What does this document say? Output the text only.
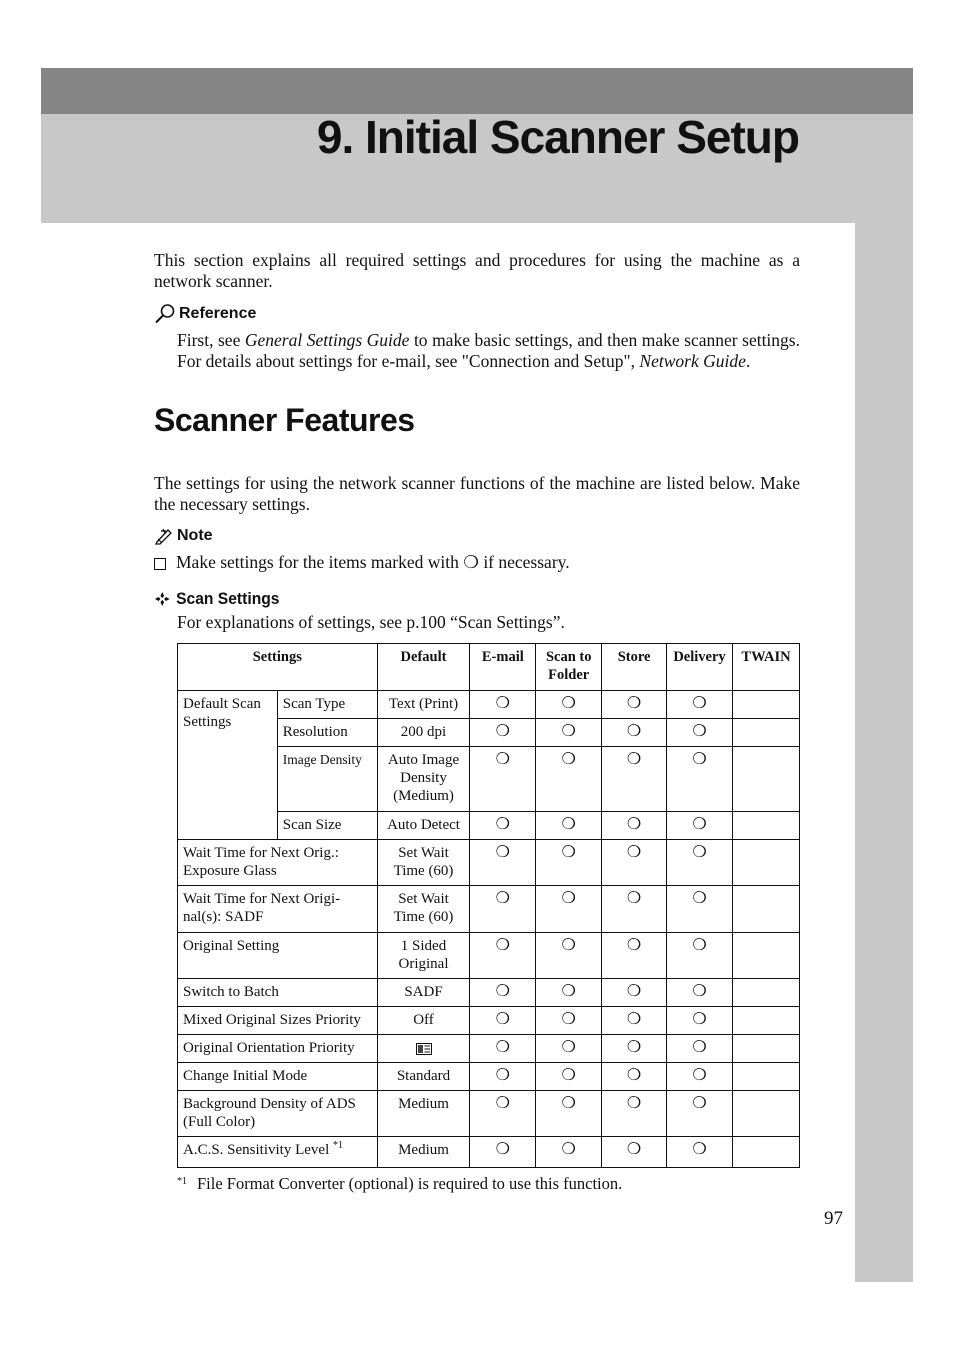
9. Initial Scanner Setup

This section explains all required settings and procedures for using the machine as a network scanner.

Reference

First, see General Settings Guide to make basic settings, and then make scanner settings. For details about settings for e-mail, see "Connection and Setup", Network Guide.

Scanner Features

The settings for using the network scanner functions of the machine are listed below. Make the necessary settings.

Note
Make settings for the items marked with ❍ if necessary.
Scan Settings

For explanations of settings, see p.100 “Scan Settings”.

Settings		Default	E-mail	Scan to Folder	Store	Delivery	TWAIN
Default Scan Settings	Scan Type	Text (Print)	❍	❍	❍	❍	
	Resolution	200 dpi	❍	❍	❍	❍	
	Image Density	Auto Image Density (Medium)	❍	❍	❍	❍	
	Scan Size	Auto Detect	❍	❍	❍	❍	
Wait Time for Next Orig.: Exposure Glass		Set Wait Time (60)	❍	❍	❍	❍	
Wait Time for Next Origi-nal(s): SADF		Set Wait Time (60)	❍	❍	❍	❍	
Original Setting		1 Sided Original	❍	❍	❍	❍	
Switch to Batch		SADF	❍	❍	❍	❍	
Mixed Original Sizes Priority		Off	❍	❍	❍	❍	
Original Orientation Priority			❍	❍	❍	❍	
Change Initial Mode		Standard	❍	❍	❍	❍	
Background Density of ADS (Full Color)		Medium	❍	❍	❍	❍	
A.C.S. Sensitivity Level $^{*1}$		Medium	❍	❍	❍	❍	
$^{*1}$ File Format Converter (optional) is required to use this function.
97
